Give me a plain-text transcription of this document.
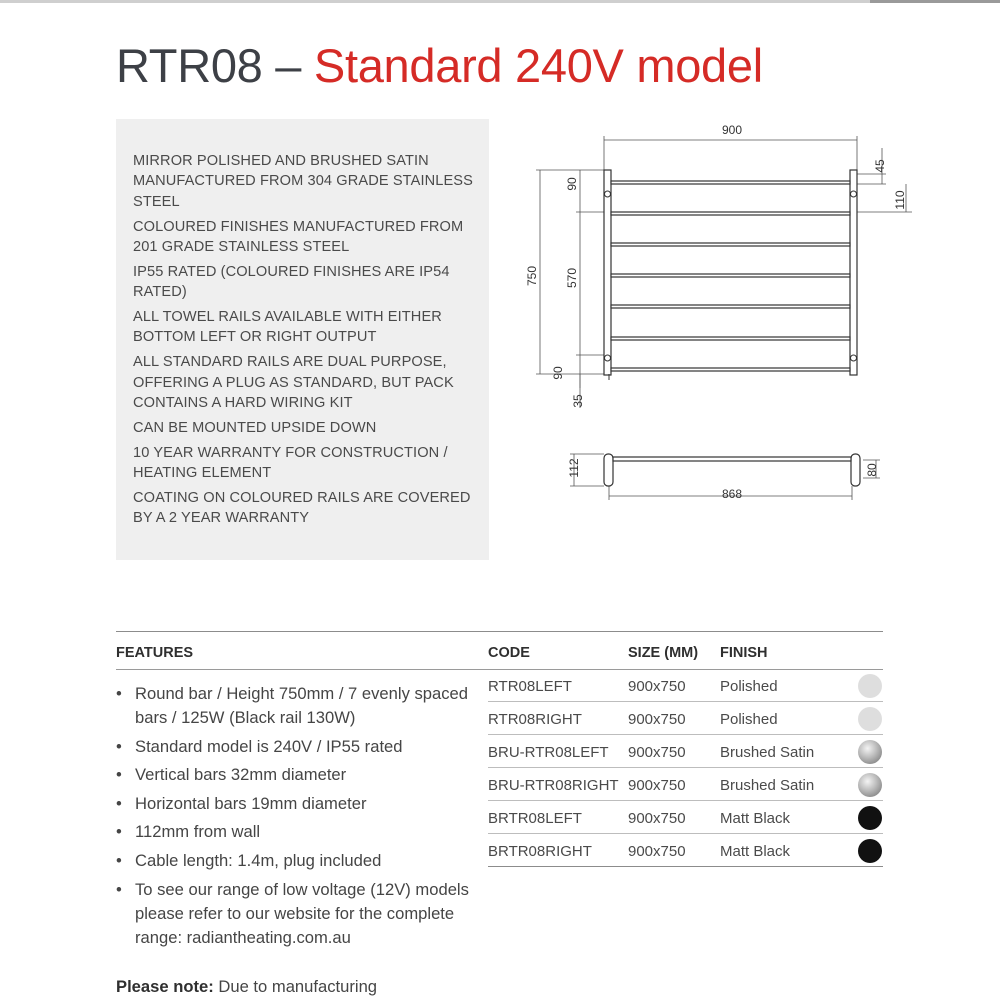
RTR08 – Standard 240V model
MIRROR POLISHED AND BRUSHED SATIN MANUFACTURED FROM 304 GRADE STAINLESS STEEL
COLOURED FINISHES MANUFACTURED FROM 201 GRADE STAINLESS STEEL
IP55 RATED (COLOURED FINISHES ARE IP54 RATED)
ALL TOWEL RAILS AVAILABLE WITH EITHER BOTTOM LEFT OR RIGHT OUTPUT
ALL STANDARD RAILS ARE DUAL PURPOSE, OFFERING A PLUG AS STANDARD, BUT PACK CONTAINS A HARD WIRING KIT
CAN BE MOUNTED UPSIDE DOWN
10 YEAR WARRANTY FOR CONSTRUCTION / HEATING ELEMENT
COATING ON COLOURED RAILS ARE COVERED BY A 2 YEAR WARRANTY
900
45
110
750
90
570
90
35
112	80
868
FEATURES	CODE	SIZE (MM) FINISH
• Round bar / Height 750mm / 7 evenly spaced bars / 125W (Black rail 130W)
• Standard model is 240V / IP55 rated
• Vertical bars 32mm diameter
• Horizontal bars 19mm diameter
• 112mm from wall
• Cable length: 1.4m, plug included
• To see our range of low voltage (12V) models please refer to our website for the complete range: radiantheating.com.au
Please note: Due to manufacturing
RTR08LEFT	900x750 Polished
RTR08RIGHT	900x750 Polished
BRU-RTR08LEFT 900x750 Brushed Satin
BRU-RTR08RIGHT 900x750 Brushed Satin
BRTR08LEFT	900x750 Matt Black
BRTR08RIGHT 900x750 Matt Black
